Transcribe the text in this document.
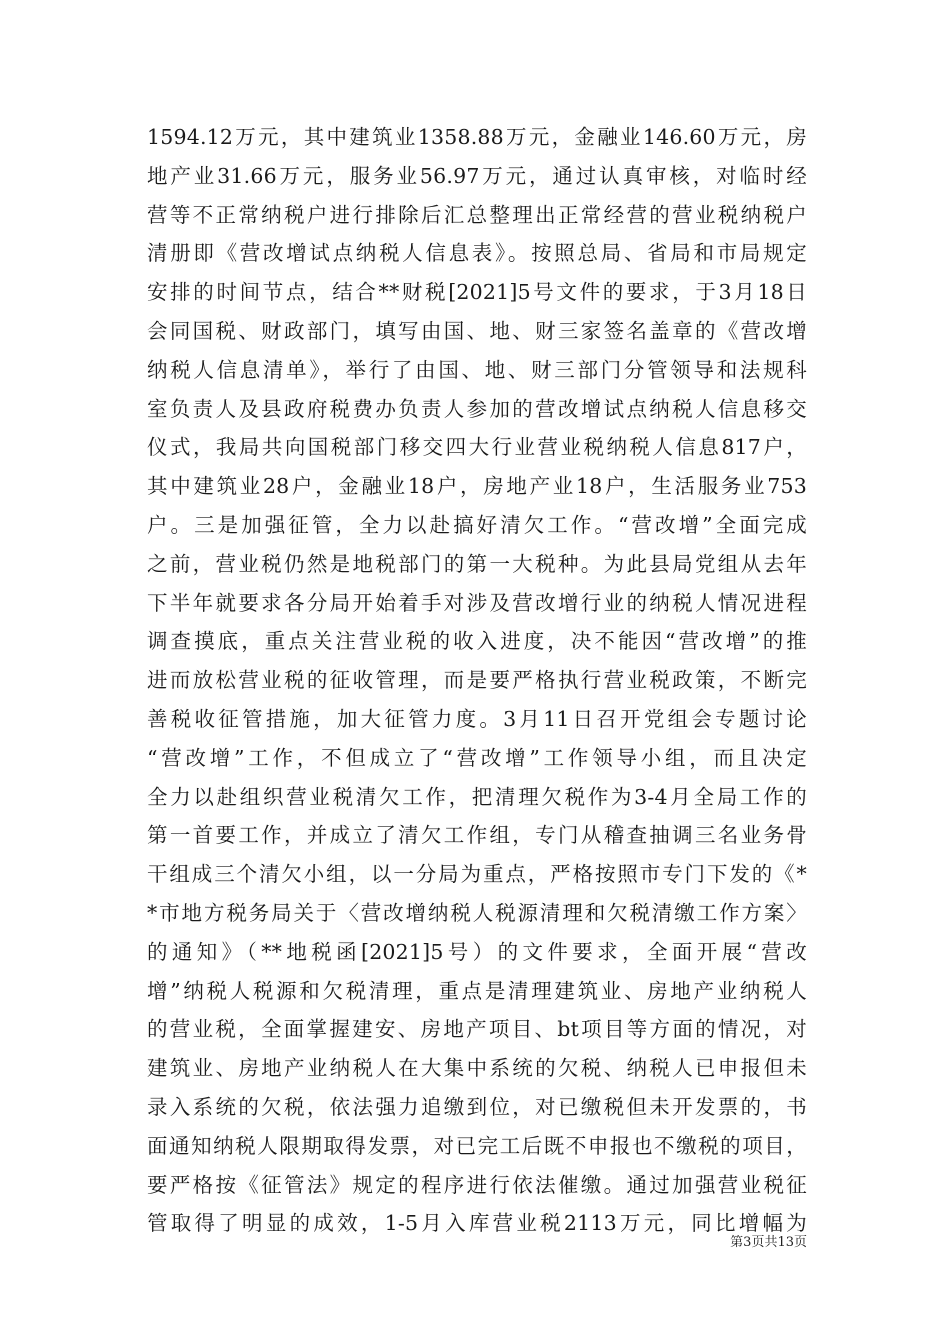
1594.12万元，其中建筑业1358.88万元，金融业146.60万元，房
地产业31.66万元，服务业56.97万元，通过认真审核，对临时经
营等不正常纳税户进行排除后汇总整理出正常经营的营业税纳税户
清册即《营改增试点纳税人信息表》。按照总局、省局和市局规定
安排的时间节点，结合**财税[2021]5号文件的要求，于3月18日
会同国税、财政部门，填写由国、地、财三家签名盖章的《营改增
纳税人信息清单》，举行了由国、地、财三部门分管领导和法规科
室负责人及县政府税费办负责人参加的营改增试点纳税人信息移交
仪式，我局共向国税部门移交四大行业营业税纳税人信息817户，
其中建筑业28户，金融业18户，房地产业18户，生活服务业753
户。三是加强征管，全力以赴搞好清欠工作。“营改增”全面完成
之前，营业税仍然是地税部门的第一大税种。为此县局党组从去年
下半年就要求各分局开始着手对涉及营改增行业的纳税人情况进程
调查摸底，重点关注营业税的收入进度，决不能因“营改增”的推
进而放松营业税的征收管理，而是要严格执行营业税政策，不断完
善税收征管措施，加大征管力度。3月11日召开党组会专题讨论
“营改增”工作，不但成立了“营改增”工作领导小组，而且决定
全力以赴组织营业税清欠工作，把清理欠税作为3-4月全局工作的
第一首要工作，并成立了清欠工作组，专门从稽查抽调三名业务骨
干组成三个清欠小组，以一分局为重点，严格按照市专门下发的《*
*市地方税务局关于〈营改增纳税人税源清理和欠税清缴工作方案〉
的通知》（**地税函[2021]5号）的文件要求，全面开展“营改
增”纳税人税源和欠税清理，重点是清理建筑业、房地产业纳税人
的营业税，全面掌握建安、房地产项目、bt项目等方面的情况，对
建筑业、房地产业纳税人在大集中系统的欠税、纳税人已申报但未
录入系统的欠税，依法强力追缴到位，对已缴税但未开发票的，书
面通知纳税人限期取得发票，对已完工后既不申报也不缴税的项目，
要严格按《征管法》规定的程序进行依法催缴。通过加强营业税征
管取得了明显的成效，1-5月入库营业税2113万元，同比增幅为
第3页共13页
